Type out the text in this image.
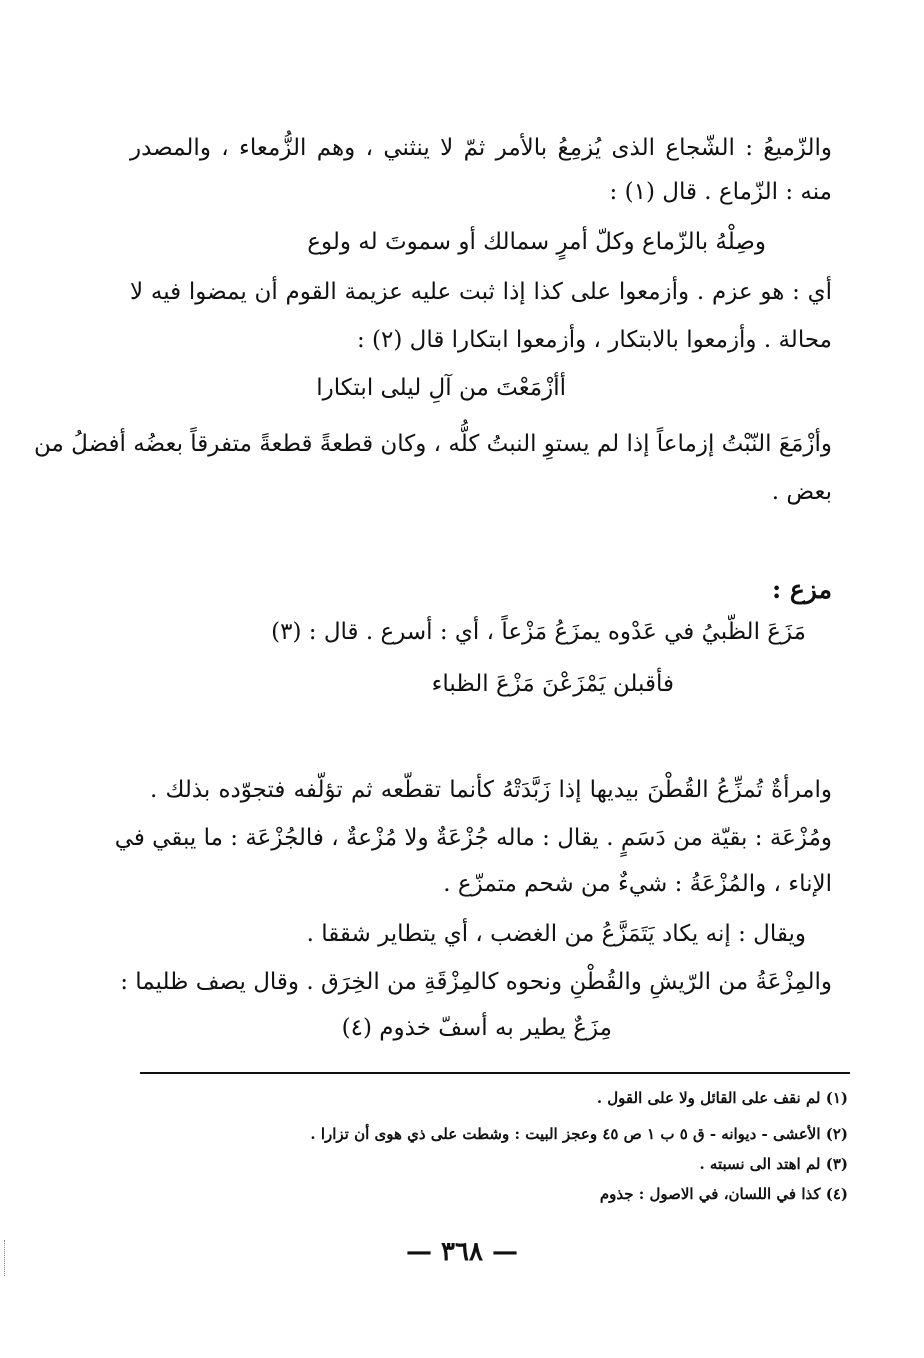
والزّميعُ : الشّجاع الذى يُزمِعُ بالأمر ثمّ لا ينثني ، وهم الزُّمعاء ، والمصدر
منه : الزّماع . قال (١) :
وصِلْهُ بالزّماع وكلّ أمرٍ سمالك أو سموتَ له ولوع
أي : هو عزم . وأزمعوا على كذا إذا ثبت عليه عزيمة القوم أن يمضوا فيه لا
محالة . وأزمعوا بالابتكار ، وأزمعوا ابتكارا قال (٢) :
أأزْمَعْتَ من آلِ ليلى ابتكارا
وأزْمَعَ النّبْتُ إزماعاً إذا لم يستوِ النبتُ كلُّه ، وكان قطعةً قطعةً متفرقاً بعضُه أفضلُ من
بعض .
مزع :
مَزَعَ الظّبيُ في عَدْوه يمزَعُ مَزْعاً ، أي : أسرع . قال : (٣)
فأقبلن يَمْزَعْنَ مَزْعَ الظباء
وامرأةٌ تُمزِّعُ القُطْنَ بيديها إذا زَبَّدَتْهُ كأنما تقطّعه ثم تؤلّفه فتجوّده بذلك .
ومُزْعَة : بقيّة من دَسَمٍ . يقال : ماله جُزْعَةٌ ولا مُزْعةٌ ، فالجُزْعَة : ما يبقي في
الإناء ، والمُزْعَةُ : شيءٌ من شحم متمزّع .
ويقال : إنه يكاد يَتَمَزَّعُ من الغضب ، أي يتطاير شققا .
والمِزْعَةُ من الرّيشِ والقُطْنِ ونحوه كالمِزْقَةِ من الخِرَق . وقال يصف ظليما :
مِزَعٌ يطير به أسفّ خذوم (٤)
(١) لم نقف على القائل ولا على القول .
(٢) الأعشى - ديوانه - ق ٥ ب ١ ص ٤٥ وعجز البيت : وشطت على ذي هوى أن تزارا .
(٣) لم اهتد الى نسبته .
(٤) كذا في اللسان، في الاصول : جذوم
— ٣٦٨ —
